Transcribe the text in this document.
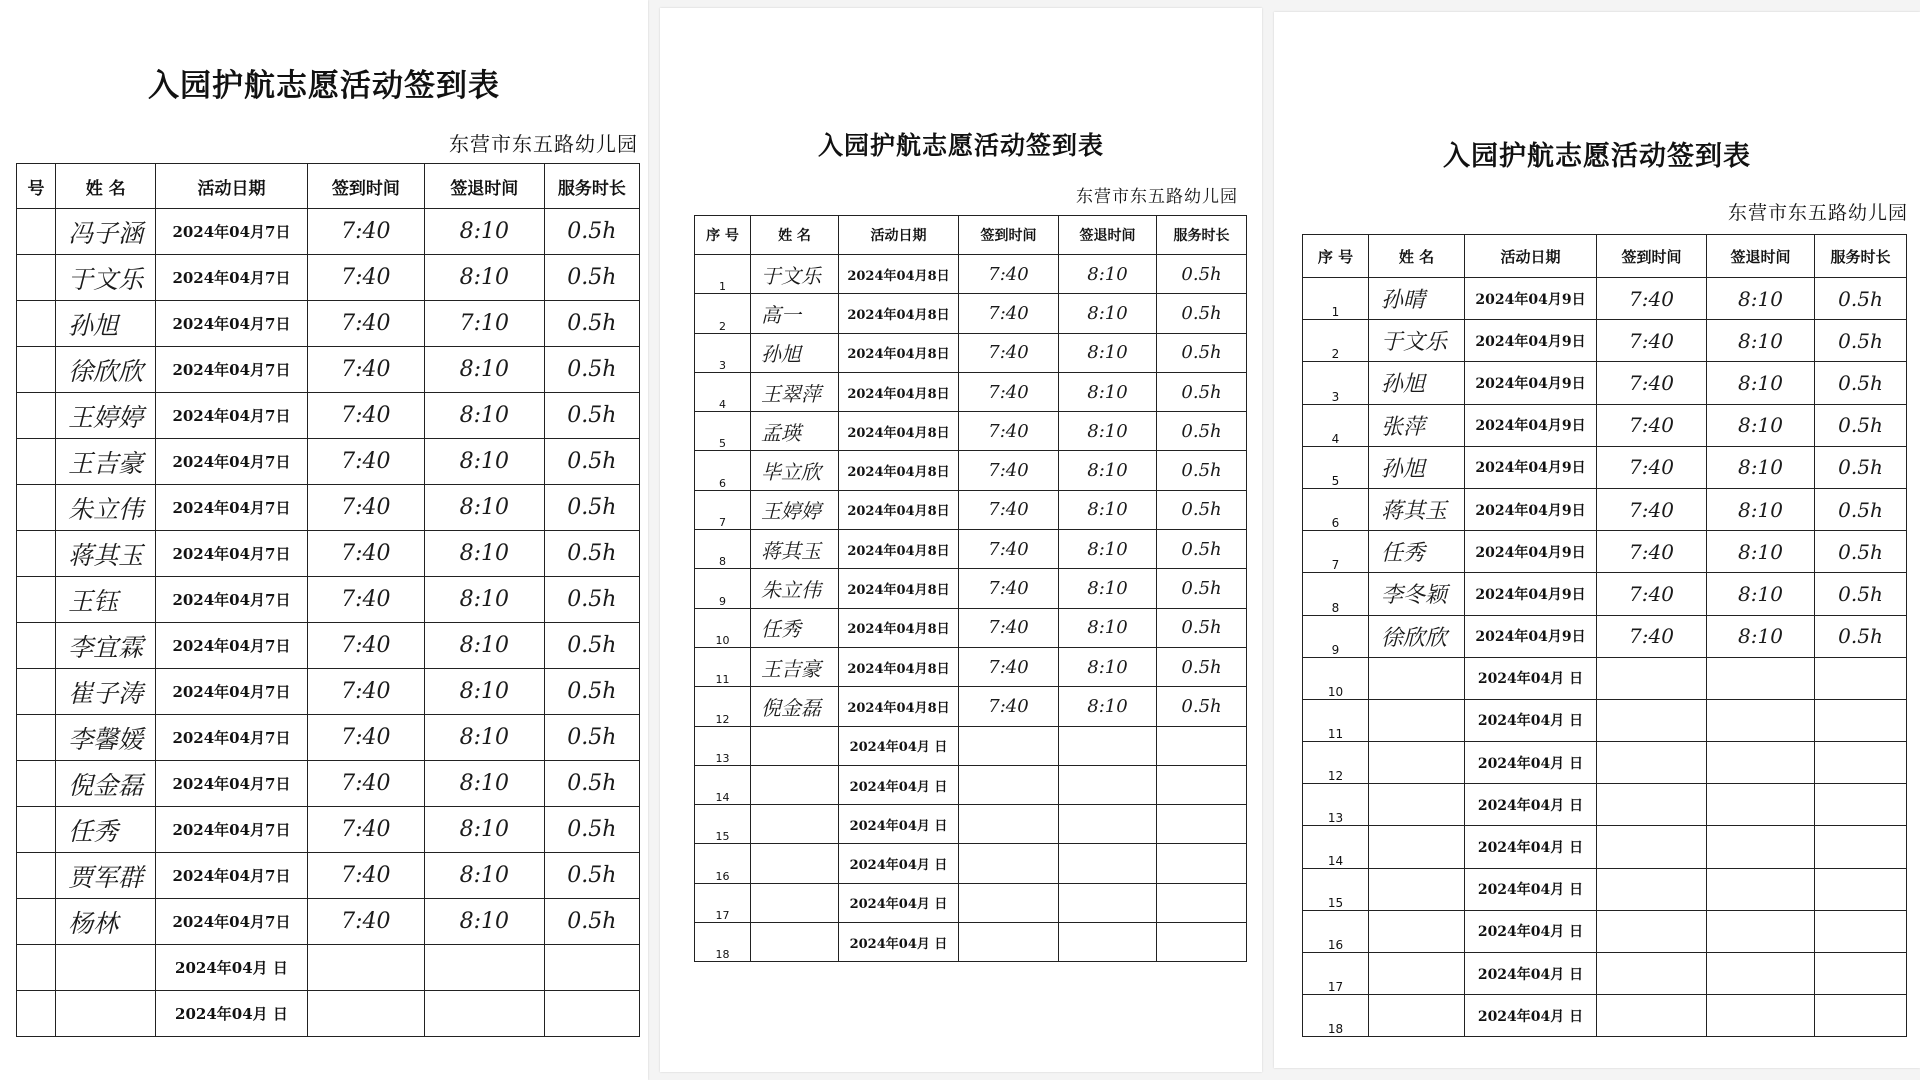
入园护航志愿活动签到表
东营市东五路幼儿园
号	姓 名	活动日期	签到时间	签退时间	服务时长
	冯子涵	2024年04月7日	7:40	8:10	0.5h
	于文乐	2024年04月7日	7:40	8:10	0.5h
	孙旭	2024年04月7日	7:40	7:10	0.5h
	徐欣欣	2024年04月7日	7:40	8:10	0.5h
	王婷婷	2024年04月7日	7:40	8:10	0.5h
	王吉豪	2024年04月7日	7:40	8:10	0.5h
	朱立伟	2024年04月7日	7:40	8:10	0.5h
	蒋其玉	2024年04月7日	7:40	8:10	0.5h
	王钰	2024年04月7日	7:40	8:10	0.5h
	李宜霖	2024年04月7日	7:40	8:10	0.5h
	崔子涛	2024年04月7日	7:40	8:10	0.5h
	李馨媛	2024年04月7日	7:40	8:10	0.5h
	倪金磊	2024年04月7日	7:40	8:10	0.5h
	任秀	2024年04月7日	7:40	8:10	0.5h
	贾军群	2024年04月7日	7:40	8:10	0.5h
	杨林	2024年04月7日	7:40	8:10	0.5h
		2024年04月 日			
		2024年04月 日			
入园护航志愿活动签到表
东营市东五路幼儿园
序 号	姓 名	活动日期	签到时间	签退时间	服务时长
1	于文乐	2024年04月8日	7:40	8:10	0.5h
2	高一	2024年04月8日	7:40	8:10	0.5h
3	孙旭	2024年04月8日	7:40	8:10	0.5h
4	王翠萍	2024年04月8日	7:40	8:10	0.5h
5	孟瑛	2024年04月8日	7:40	8:10	0.5h
6	毕立欣	2024年04月8日	7:40	8:10	0.5h
7	王婷婷	2024年04月8日	7:40	8:10	0.5h
8	蒋其玉	2024年04月8日	7:40	8:10	0.5h
9	朱立伟	2024年04月8日	7:40	8:10	0.5h
10	任秀	2024年04月8日	7:40	8:10	0.5h
11	王吉豪	2024年04月8日	7:40	8:10	0.5h
12	倪金磊	2024年04月8日	7:40	8:10	0.5h
13		2024年04月 日			
14		2024年04月 日			
15		2024年04月 日			
16		2024年04月 日			
17		2024年04月 日			
18		2024年04月 日			
入园护航志愿活动签到表
东营市东五路幼儿园
序 号	姓 名	活动日期	签到时间	签退时间	服务时长
1	孙晴	2024年04月9日	7:40	8:10	0.5h
2	于文乐	2024年04月9日	7:40	8:10	0.5h
3	孙旭	2024年04月9日	7:40	8:10	0.5h
4	张萍	2024年04月9日	7:40	8:10	0.5h
5	孙旭	2024年04月9日	7:40	8:10	0.5h
6	蒋其玉	2024年04月9日	7:40	8:10	0.5h
7	任秀	2024年04月9日	7:40	8:10	0.5h
8	李冬颖	2024年04月9日	7:40	8:10	0.5h
9	徐欣欣	2024年04月9日	7:40	8:10	0.5h
10		2024年04月 日			
11		2024年04月 日			
12		2024年04月 日			
13		2024年04月 日			
14		2024年04月 日			
15		2024年04月 日			
16		2024年04月 日			
17		2024年04月 日			
18		2024年04月 日			
